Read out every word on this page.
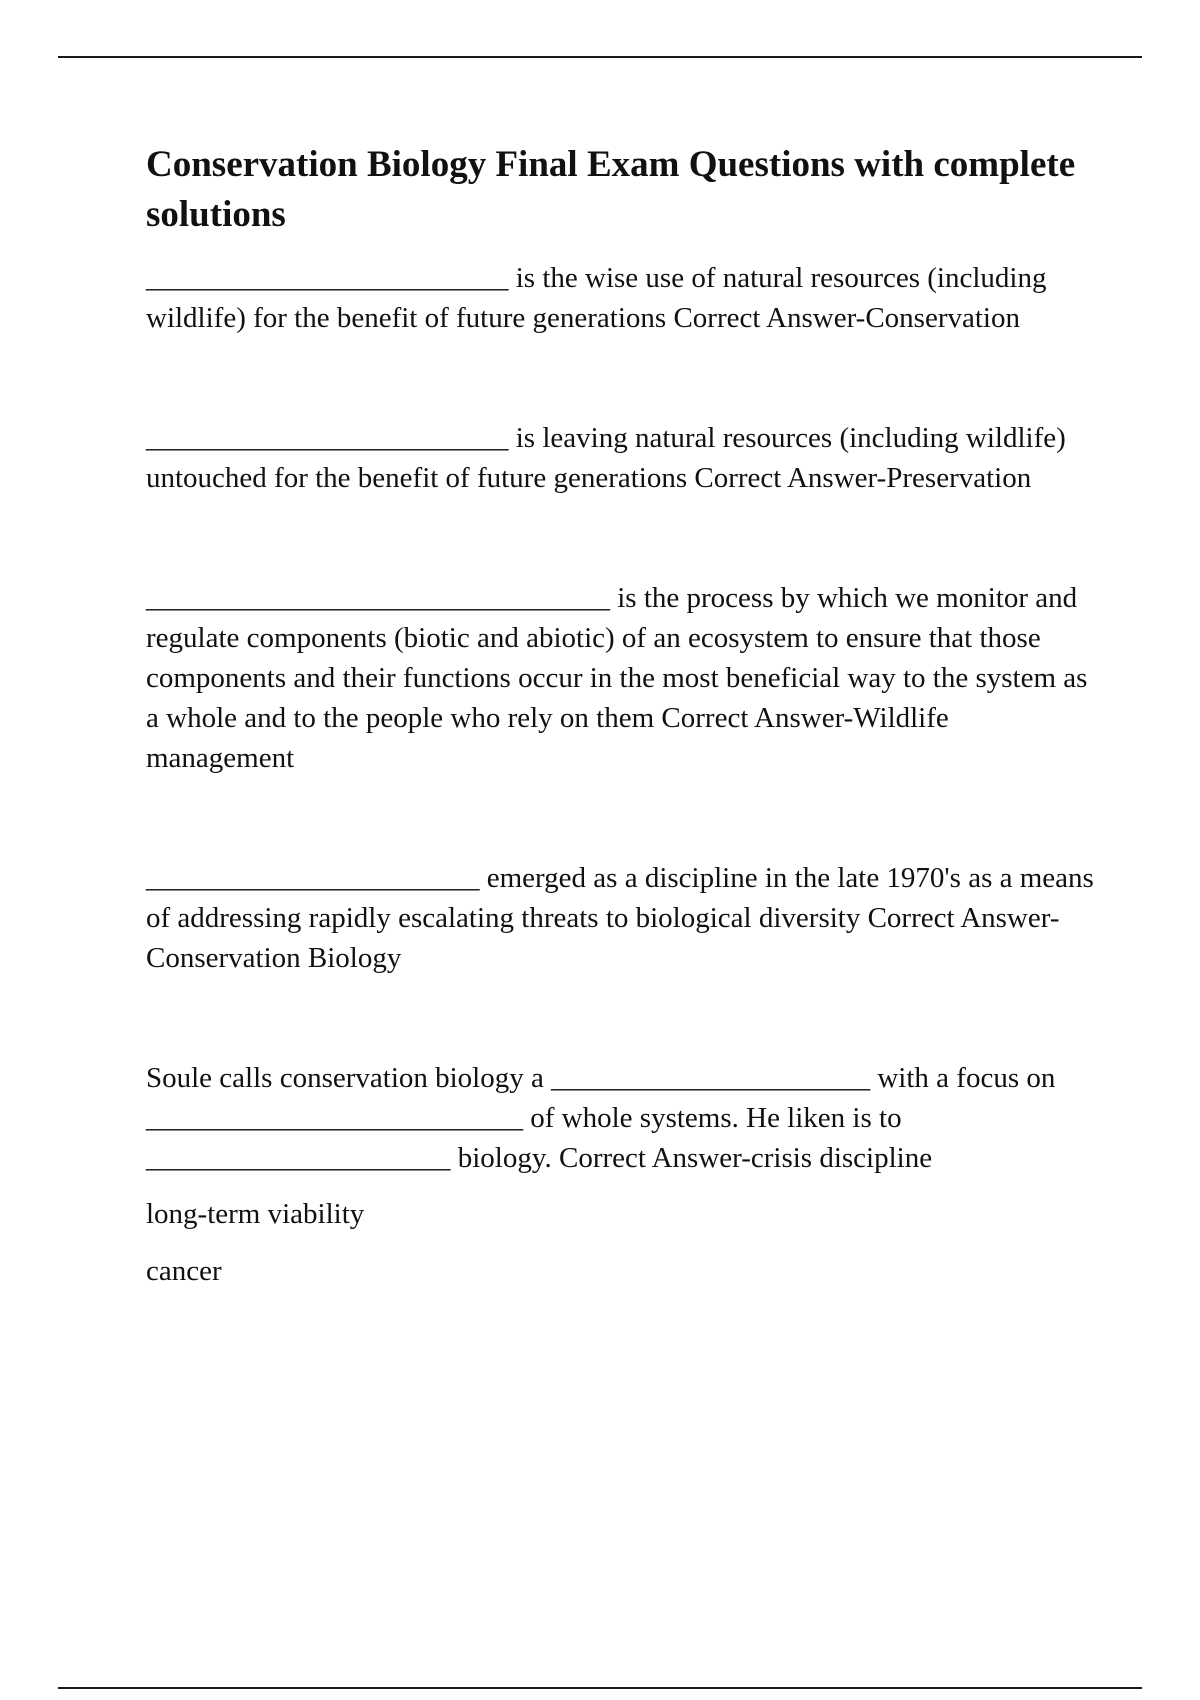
Conservation Biology Final Exam Questions with complete solutions

_________________________ is the wise use of natural resources (including wildlife) for the benefit of future generations Correct Answer-Conservation

_________________________ is leaving natural resources (including wildlife) untouched for the benefit of future generations Correct Answer-Preservation

________________________________ is the process by which we monitor and regulate components (biotic and abiotic) of an ecosystem to ensure that those components and their functions occur in the most beneficial way to the system as a whole and to the people who rely on them Correct Answer-Wildlife management

_______________________ emerged as a discipline in the late 1970's as a means of addressing rapidly escalating threats to biological diversity Correct Answer-Conservation Biology

Soule calls conservation biology a ______________________ with a focus on __________________________ of whole systems. He liken is to _____________________ biology. Correct Answer-crisis discipline

long-term viability

cancer
